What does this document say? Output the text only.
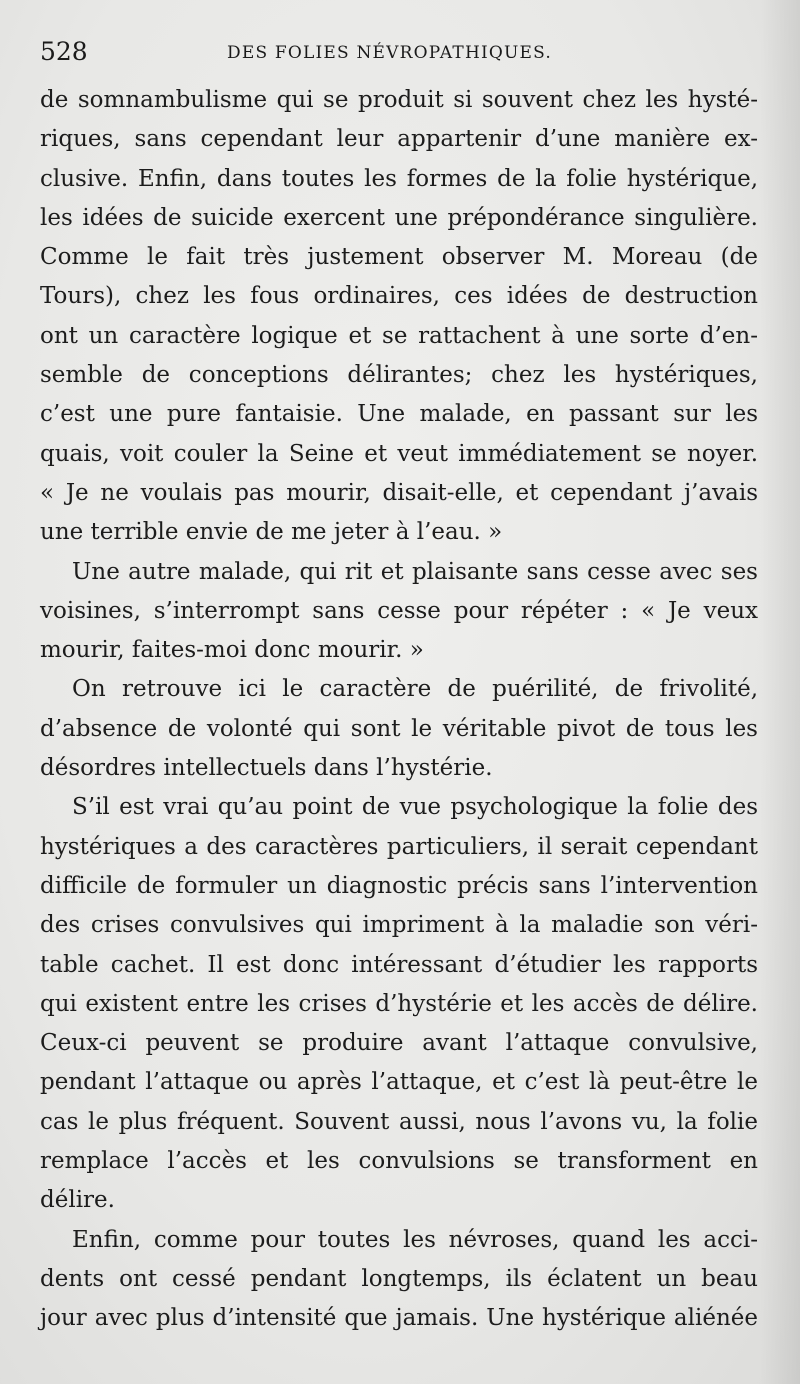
528	DES FOLIES NÉVROPATHIQUES.
de somnambulisme qui se produit si souvent chez les hysté-
riques, sans cependant leur appartenir d’une manière ex-
clusive. Enfin, dans toutes les formes de la folie hystérique,
les idées de suicide exercent une prépondérance singulière.
Comme le fait très justement observer M. Moreau (de
Tours), chez les fous ordinaires, ces idées de destruction
ont un caractère logique et se rattachent à une sorte d’en-
semble de conceptions délirantes; chez les hystériques,
c’est une pure fantaisie. Une malade, en passant sur les
quais, voit couler la Seine et veut immédiatement se noyer.
« Je ne voulais pas mourir, disait-elle, et cependant j’avais
une terrible envie de me jeter à l’eau. »
Une autre malade, qui rit et plaisante sans cesse avec ses
voisines, s’interrompt sans cesse pour répéter : « Je veux
mourir, faites-moi donc mourir. »
On retrouve ici le caractère de puérilité, de frivolité,
d’absence de volonté qui sont le véritable pivot de tous les
désordres intellectuels dans l’hystérie.
S’il est vrai qu’au point de vue psychologique la folie des
hystériques a des caractères particuliers, il serait cependant
difficile de formuler un diagnostic précis sans l’intervention
des crises convulsives qui impriment à la maladie son véri-
table cachet. Il est donc intéressant d’étudier les rapports
qui existent entre les crises d’hystérie et les accès de délire.
Ceux-ci peuvent se produire avant l’attaque convulsive,
pendant l’attaque ou après l’attaque, et c’est là peut-être le
cas le plus fréquent. Souvent aussi, nous l’avons vu, la folie
remplace l’accès et les convulsions se transforment en
délire.
Enfin, comme pour toutes les névroses, quand les acci-
dents ont cessé pendant longtemps, ils éclatent un beau
jour avec plus d’intensité que jamais. Une hystérique aliénée
